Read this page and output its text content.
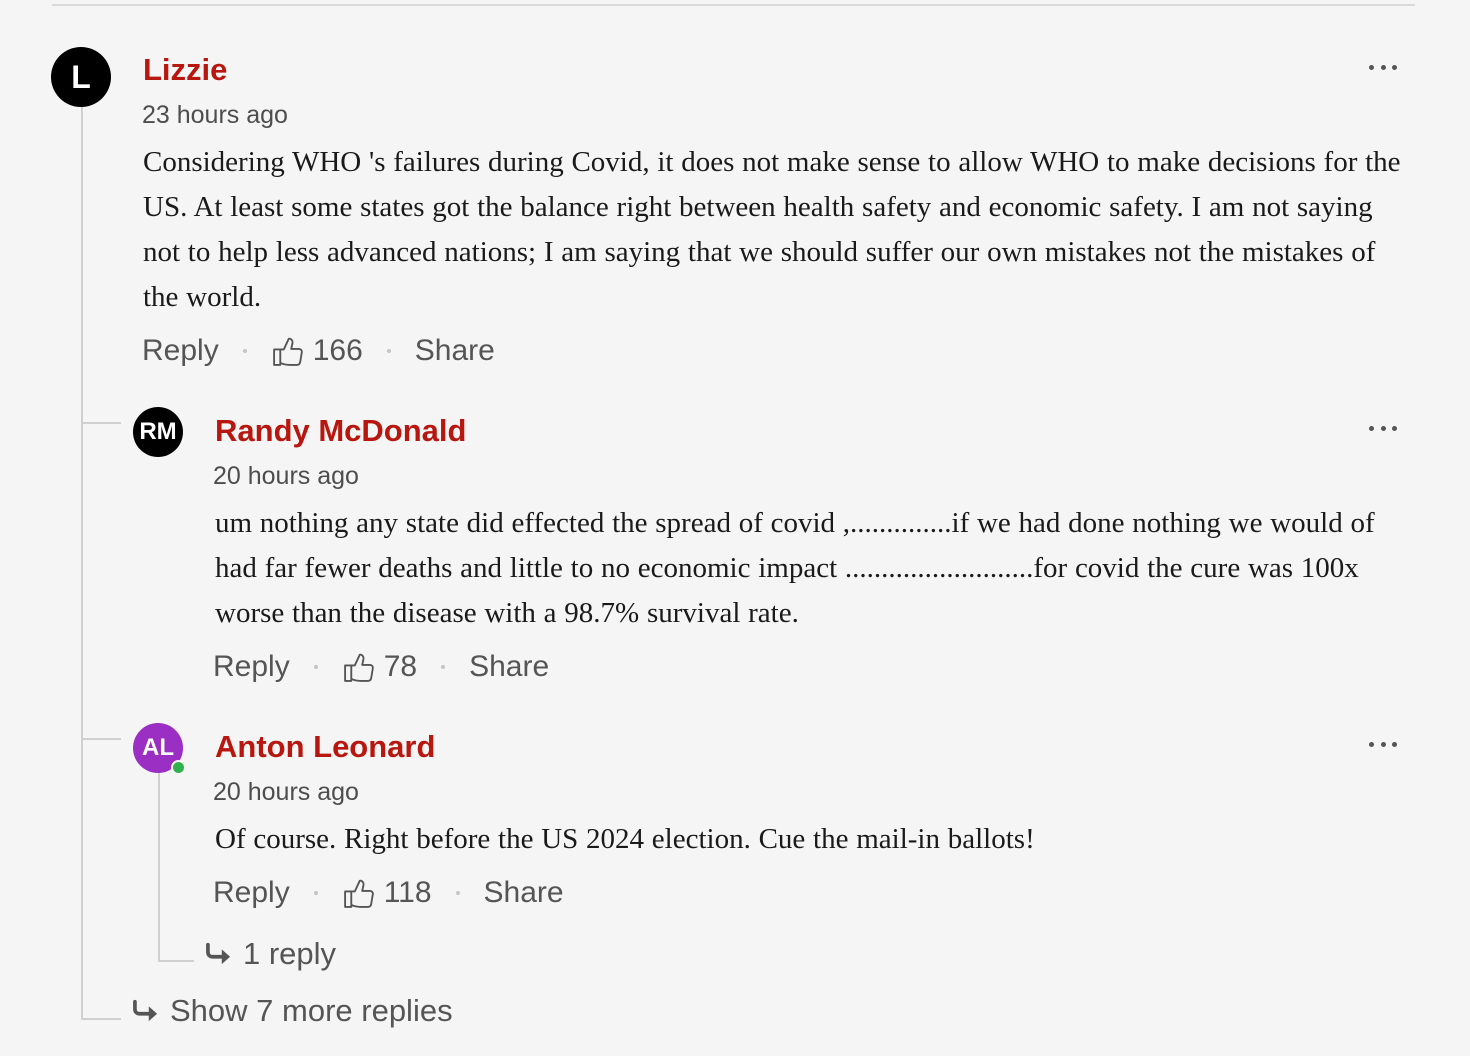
L Lizzie
23 hours ago
Considering WHO 's failures during Covid, it does not make sense to allow WHO to make decisions for the US. At least some states got the balance right between health safety and economic safety. I am not saying not to help less advanced nations; I am saying that we should suffer our own mistakes not the mistakes of the world.
Reply	166 Share
RM Randy McDonald
20 hours ago
um nothing any state did effected the spread of covid ,..............if we had done nothing we would of had far fewer deaths and little to no economic impact ..........................for covid the cure was 100x worse than the disease with a 98.7% survival rate.
Reply	78 Share
AL Anton Leonard
20 hours ago
Of course. Right before the US 2024 election. Cue the mail-in ballots!
Reply	118 Share
1 reply
Show 7 more replies
